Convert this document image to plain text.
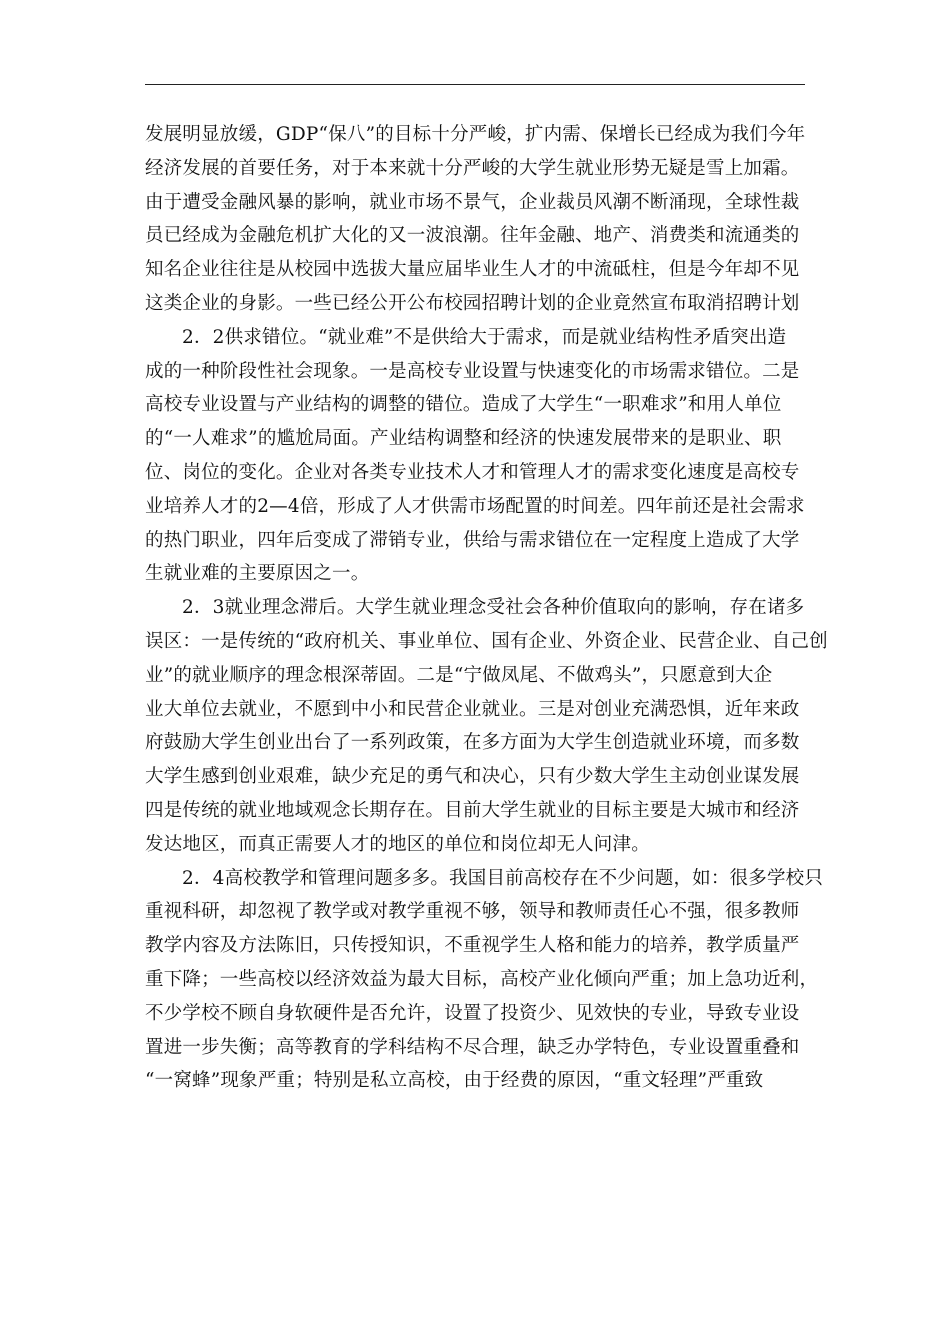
发展明显放缓，GDP“保八”的目标十分严峻，扩内需、保增长已经成为我们今年
经济发展的首要任务，对于本来就十分严峻的大学生就业形势无疑是雪上加霜。
由于遭受金融风暴的影响，就业市场不景气，企业裁员风潮不断涌现，全球性裁
员已经成为金融危机扩大化的又一波浪潮。往年金融、地产、消费类和流通类的
知名企业往往是从校园中选拔大量应届毕业生人才的中流砥柱，但是今年却不见
这类企业的身影。一些已经公开公布校园招聘计划的企业竟然宣布取消招聘计划

2．2供求错位。“就业难”不是供给大于需求，而是就业结构性矛盾突出造
成的一种阶段性社会现象。一是高校专业设置与快速变化的市场需求错位。二是
高校专业设置与产业结构的调整的错位。造成了大学生“一职难求”和用人单位
的“一人难求”的尴尬局面。产业结构调整和经济的快速发展带来的是职业、职
位、岗位的变化。企业对各类专业技术人才和管理人才的需求变化速度是高校专
业培养人才的2—4倍，形成了人才供需市场配置的时间差。四年前还是社会需求
的热门职业，四年后变成了滞销专业，供给与需求错位在一定程度上造成了大学
生就业难的主要原因之一。

2．3就业理念滞后。大学生就业理念受社会各种价值取向的影响，存在诸多
误区：一是传统的“政府机关、事业单位、国有企业、外资企业、民营企业、自己创
业”的就业顺序的理念根深蒂固。二是“宁做凤尾、不做鸡头”，只愿意到大企
业大单位去就业，不愿到中小和民营企业就业。三是对创业充满恐惧，近年来政
府鼓励大学生创业出台了一系列政策，在多方面为大学生创造就业环境，而多数
大学生感到创业艰难，缺少充足的勇气和决心，只有少数大学生主动创业谋发展
四是传统的就业地域观念长期存在。目前大学生就业的目标主要是大城市和经济
发达地区，而真正需要人才的地区的单位和岗位却无人问津。

2．4高校教学和管理问题多多。我国目前高校存在不少问题，如：很多学校只
重视科研，却忽视了教学或对教学重视不够，领导和教师责任心不强，很多教师
教学内容及方法陈旧，只传授知识，不重视学生人格和能力的培养，教学质量严
重下降；一些高校以经济效益为最大目标，高校产业化倾向严重；加上急功近利，
不少学校不顾自身软硬件是否允许，设置了投资少、见效快的专业，导致专业设
置进一步失衡；高等教育的学科结构不尽合理，缺乏办学特色，专业设置重叠和
“一窝蜂”现象严重；特别是私立高校，由于经费的原因，“重文轻理”严重致
